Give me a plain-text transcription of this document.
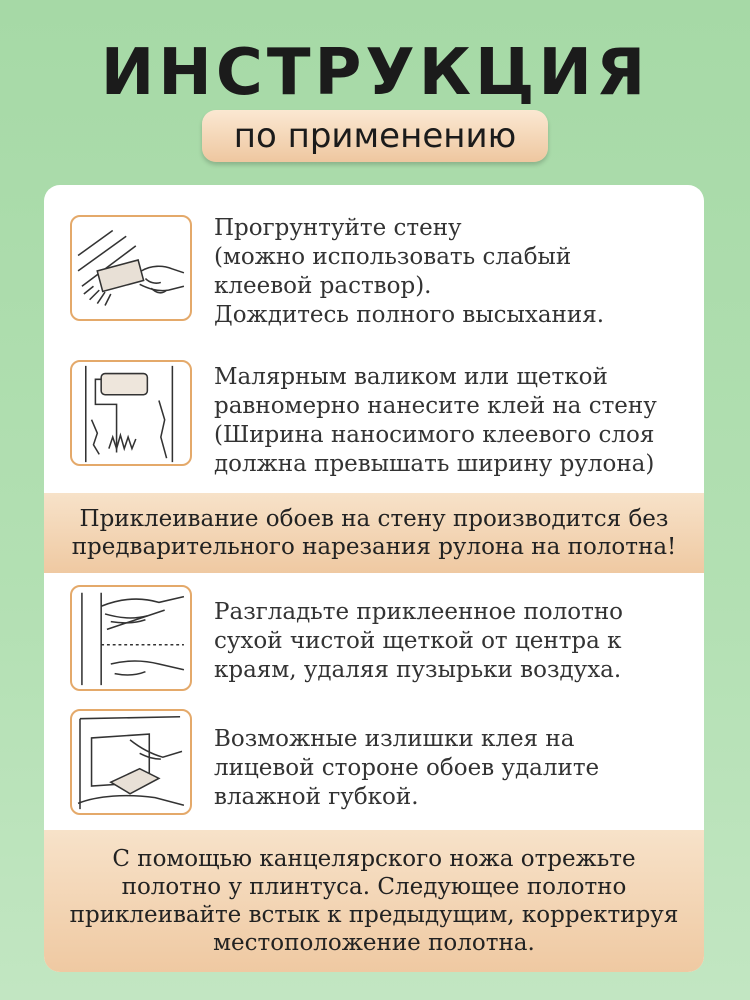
ИНСТРУКЦИЯ
по применению
Прогрунтуйте стену
(можно использовать слабый
клеевой раствор).
Дождитесь полного высыхания.
Малярным валиком или щеткой
равномерно нанесите клей на стену
(Ширина наносимого клеевого слоя
должна превышать ширину рулона)
Приклеивание обоев на стену производится без
предварительного нарезания рулона на полотна!
Разгладьте приклеенное полотно
сухой чистой щеткой от центра к
краям, удаляя пузырьки воздуха.
Возможные излишки клея на
лицевой стороне обоев удалите
влажной губкой.
С помощью канцелярского ножа отрежьте
полотно у плинтуса. Следующее полотно
приклеивайте встык к предыдущим, корректируя
местоположение полотна.
